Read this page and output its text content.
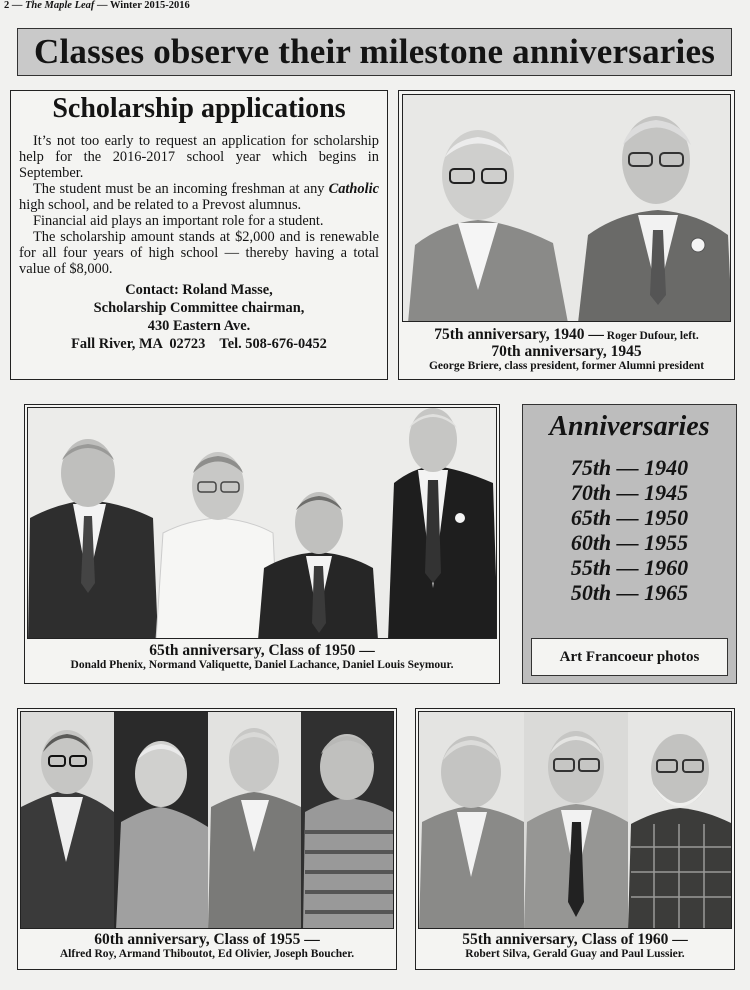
2 — The Maple Leaf — Winter 2015-2016
Classes observe their milestone anniversaries
Scholarship applications

It’s not too early to request an application for scholarship help for the 2016-2017 school year which begins in September.

The student must be an incoming freshman at any Catholic high school, and be related to a Prevost alumnus.

Financial aid plays an important role for a student.

The scholarship amount stands at $2,000 and is renewable for all four years of high school — thereby having a total value of $8,000.

Contact: Roland Masse,
Scholarship Committee chairman,
430 Eastern Ave.
Fall River, MA  02723    Tel. 508-676-0452
75th anniversary, 1940 — Roger Dufour, left.
70th anniversary, 1945
George Briere, class president, former Alumni president
65th anniversary, Class of 1950 —
Donald Phenix, Normand Valiquette, Daniel Lachance, Daniel Louis Seymour.
Anniversaries
75th — 1940
70th — 1945
65th — 1950
60th — 1955
55th — 1960
50th — 1965
Art Francoeur photos
60th anniversary, Class of 1955 —
Alfred Roy, Armand Thiboutot, Ed Olivier, Joseph Boucher.
55th anniversary, Class of 1960 —
Robert Silva, Gerald Guay and Paul Lussier.
